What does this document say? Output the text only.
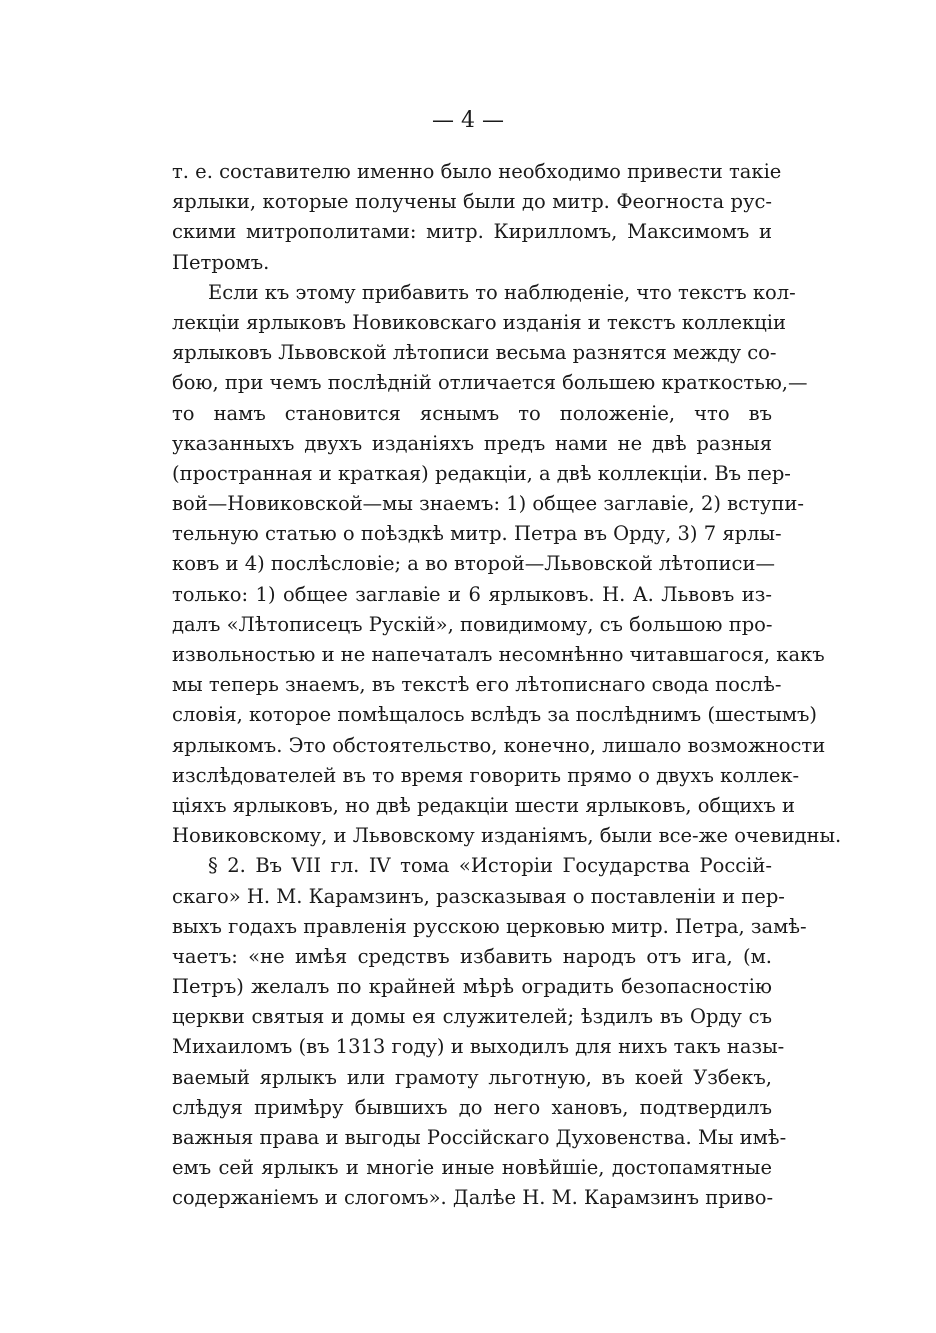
— 4 —
т. е. составителю именно было необходимо привести такіе
ярлыки, которые получены были до митр. Феогноста рус-
скими митрополитами: митр. Кирилломъ, Максимомъ и
Петромъ.
Если къ этому прибавить то наблюденіе, что текстъ кол-
лекціи ярлыковъ Новиковскаго изданія и текстъ коллекціи
ярлыковъ Львовской лѣтописи весьма разнятся между со-
бою, при чемъ послѣдній отличается большею краткостью,—
то намъ становится яснымъ то положеніе, что въ
указанныхъ двухъ изданіяхъ предъ нами не двѣ разныя
(пространная и краткая) редакціи, а двѣ коллекціи. Въ пер-
вой—Новиковской—мы знаемъ: 1) общее заглавіе, 2) вступи-
тельную статью о поѣздкѣ митр. Петра въ Орду, 3) 7 ярлы-
ковъ и 4) послѣсловіе; а во второй—Львовской лѣтописи—
только: 1) общее заглавіе и 6 ярлыковъ. Н. А. Львовъ из-
далъ «Лѣтописецъ Рускій», повидимому, съ большою про-
извольностью и не напечаталъ несомнѣнно читавшагося, какъ
мы теперь знаемъ, въ текстѣ его лѣтописнаго свода послѣ-
словія, которое помѣщалось вслѣдъ за послѣднимъ (шестымъ)
ярлыкомъ. Это обстоятельство, конечно, лишало возможности
изслѣдователей въ то время говорить прямо о двухъ коллек-
ціяхъ ярлыковъ, но двѣ редакціи шести ярлыковъ, общихъ и
Новиковскому, и Львовскому изданіямъ, были все-же очевидны.
§ 2. Въ VII гл. IV тома «Исторіи Государства Россій-
скаго» Н. М. Карамзинъ, разсказывая о поставленіи и пер-
выхъ годахъ правленія русскою церковью митр. Петра, замѣ-
чаетъ: «не имѣя средствъ избавить народъ отъ ига, (м.
Петръ) желалъ по крайней мѣрѣ оградить безопасностію
церкви святыя и домы ея служителей; ѣздилъ въ Орду съ
Михаиломъ (въ 1313 году) и выходилъ для нихъ такъ назы-
ваемый ярлыкъ или грамоту льготную, въ коей Узбекъ,
слѣдуя примѣру бывшихъ до него хановъ, подтвердилъ
важныя права и выгоды Россійскаго Духовенства. Мы имѣ-
емъ сей ярлыкъ и многіе иные новѣйшіе, достопамятные
содержаніемъ и слогомъ». Далѣе Н. М. Карамзинъ приво-
